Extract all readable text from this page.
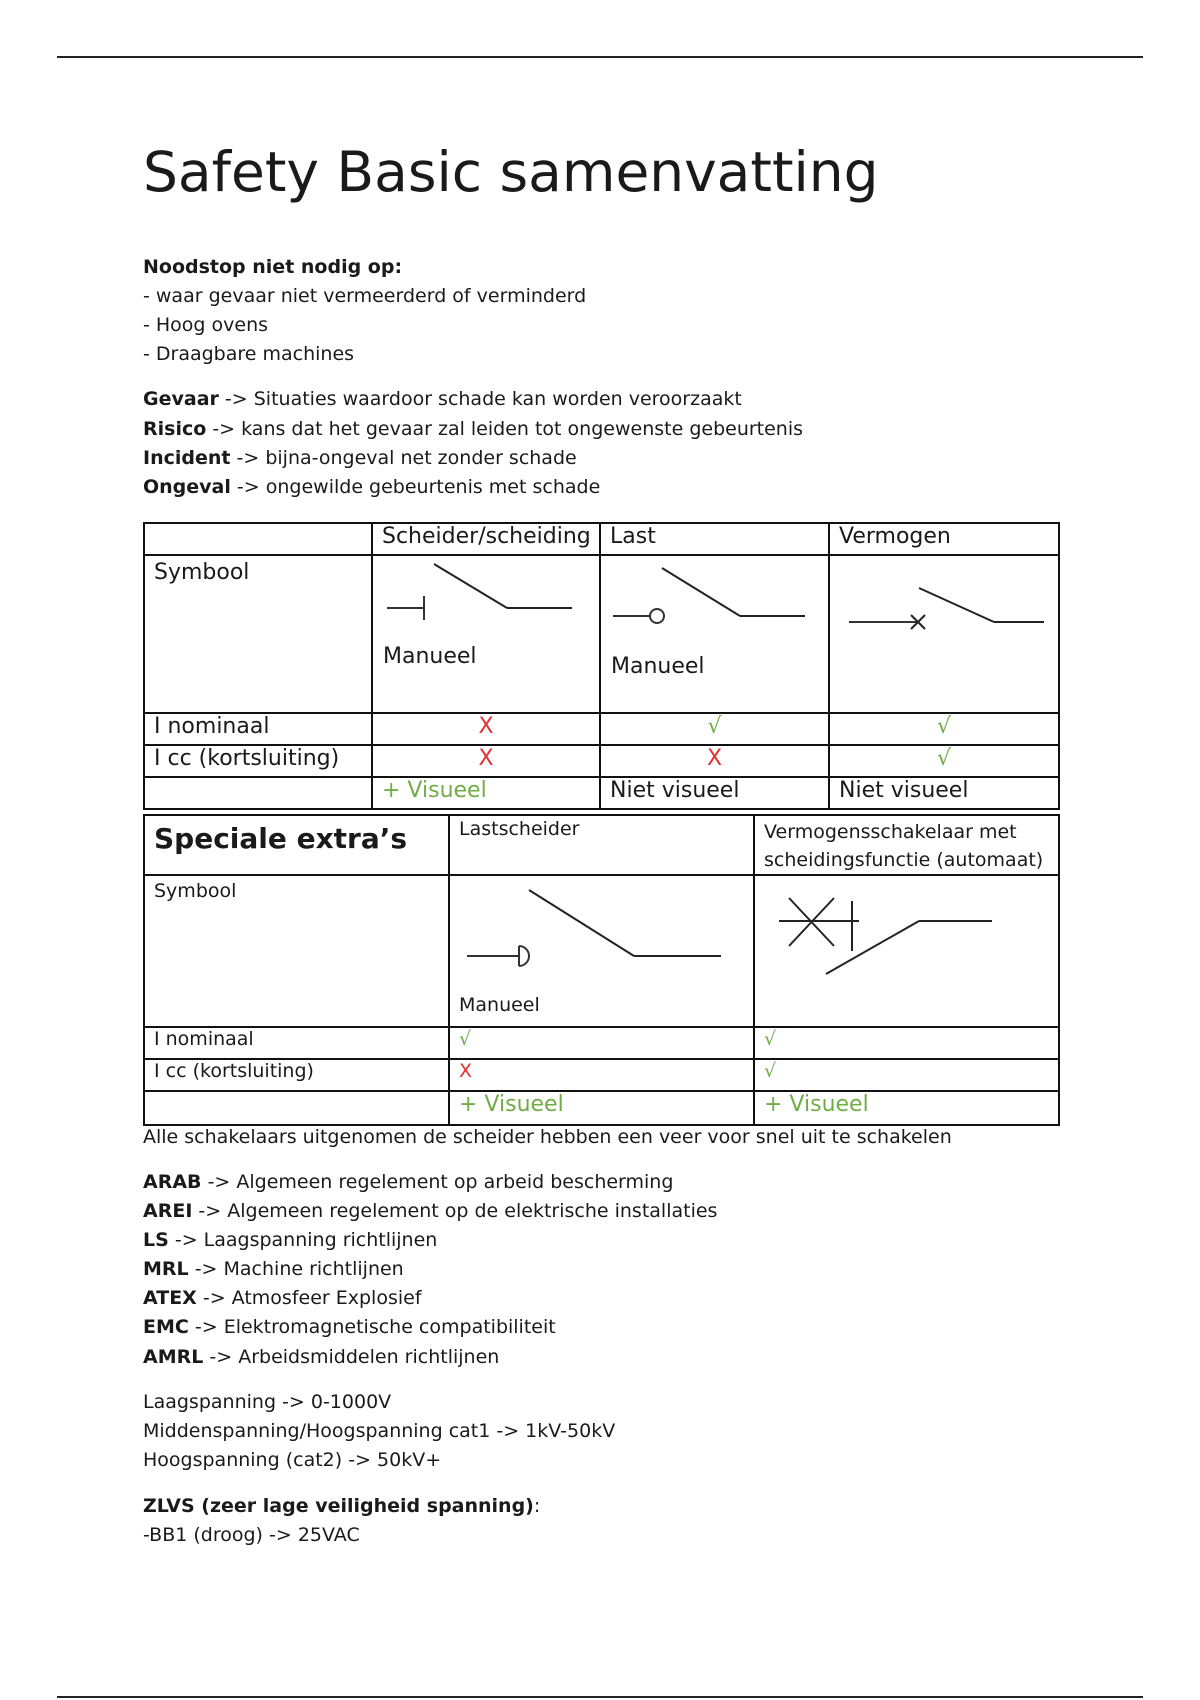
Safety Basic samenvatting
Noodstop niet nodig op:
- waar gevaar niet vermeerderd of verminderd
- Hoog ovens
- Draagbare machines
Gevaar -> Situaties waardoor schade kan worden veroorzaakt
Risico -> kans dat het gevaar zal leiden tot ongewenste gebeurtenis
Incident -> bijna-ongeval net zonder schade
Ongeval -> ongewilde gebeurtenis met schade
	Scheider/scheiding	Last	Vermogen
Symbool	Manueel	Manueel

I nominaal	X	√	√
I cc (kortsluiting)	X	X	√
	+ Visueel	Niet visueel	Niet visueel
Speciale extra’s	Lastscheider	Vermogensschakelaar met
scheidingsfunctie (automaat)

Symbool	Manueel

I nominaal	√	√
I cc (kortsluiting)	X	√
	+ Visueel	+ Visueel
Alle schakelaars uitgenomen de scheider hebben een veer voor snel uit te schakelen
ARAB -> Algemeen regelement op arbeid bescherming
AREI -> Algemeen regelement op de elektrische installaties
LS -> Laagspanning richtlijnen
MRL -> Machine richtlijnen
ATEX -> Atmosfeer Explosief
EMC -> Elektromagnetische compatibiliteit
AMRL -> Arbeidsmiddelen richtlijnen
Laagspanning -> 0-1000V
Middenspanning/Hoogspanning cat1 -> 1kV-50kV
Hoogspanning (cat2) -> 50kV+
ZLVS (zeer lage veiligheid spanning):
-BB1 (droog) -> 25VAC
